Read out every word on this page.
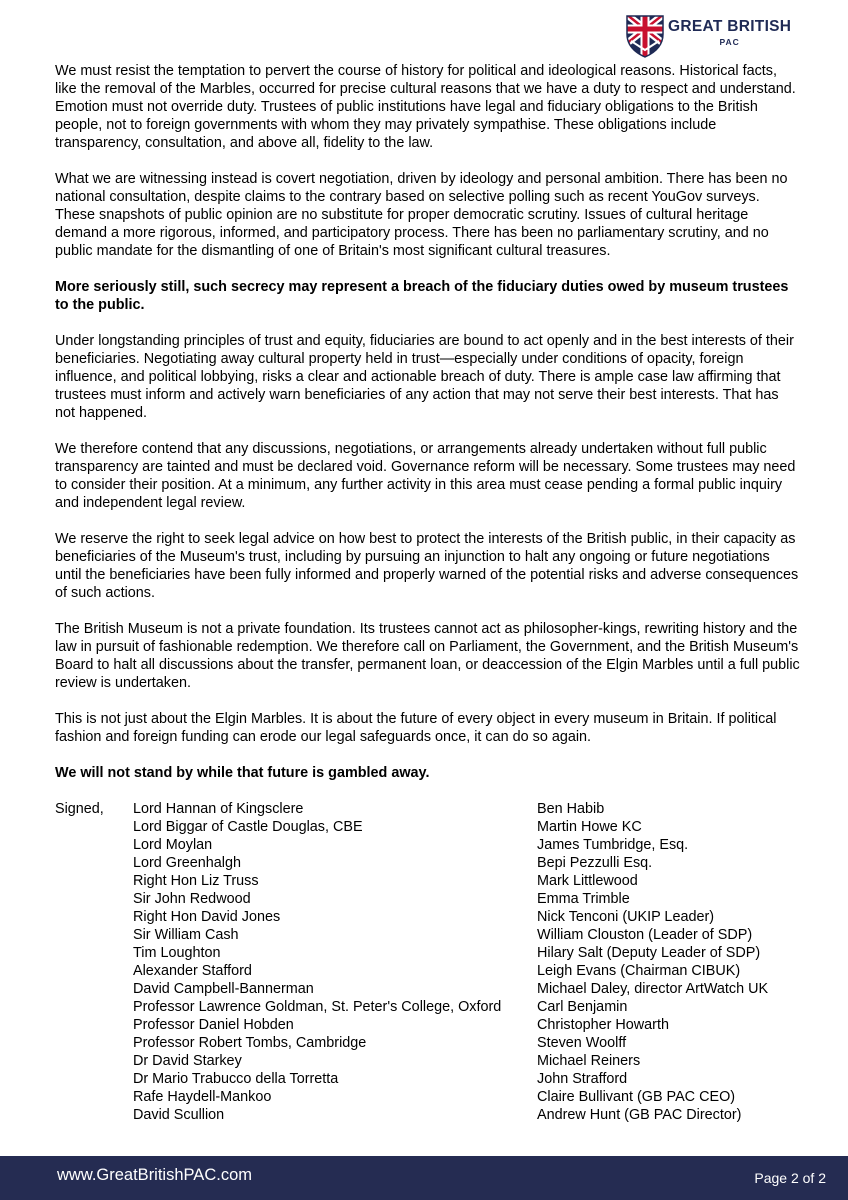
GREAT BRITISH
PAC

We must resist the temptation to pervert the course of history for political and ideological reasons. Historical facts, like the removal of the Marbles, occurred for precise cultural reasons that we have a duty to respect and understand. Emotion must not override duty. Trustees of public institutions have legal and fiduciary obligations to the British people, not to foreign governments with whom they may privately sympathise. These obligations include transparency, consultation, and above all, fidelity to the law.

What we are witnessing instead is covert negotiation, driven by ideology and personal ambition. There has been no national consultation, despite claims to the contrary based on selective polling such as recent YouGov surveys. These snapshots of public opinion are no substitute for proper democratic scrutiny. Issues of cultural heritage demand a more rigorous, informed, and participatory process. There has been no parliamentary scrutiny, and no public mandate for the dismantling of one of Britain's most significant cultural treasures.

More seriously still, such secrecy may represent a breach of the fiduciary duties owed by museum trustees to the public.

Under longstanding principles of trust and equity, fiduciaries are bound to act openly and in the best interests of their beneficiaries. Negotiating away cultural property held in trust—especially under conditions of opacity, foreign influence, and political lobbying, risks a clear and actionable breach of duty. There is ample case law affirming that trustees must inform and actively warn beneficiaries of any action that may not serve their best interests. That has not happened.

We therefore contend that any discussions, negotiations, or arrangements already undertaken without full public transparency are tainted and must be declared void. Governance reform will be necessary. Some trustees may need to consider their position. At a minimum, any further activity in this area must cease pending a formal public inquiry and independent legal review.

We reserve the right to seek legal advice on how best to protect the interests of the British public, in their capacity as beneficiaries of the Museum's trust, including by pursuing an injunction to halt any ongoing or future negotiations until the beneficiaries have been fully informed and properly warned of the potential risks and adverse consequences of such actions.

The British Museum is not a private foundation. Its trustees cannot act as philosopher-kings, rewriting history and the law in pursuit of fashionable redemption. We therefore call on Parliament, the Government, and the British Museum's Board to halt all discussions about the transfer, permanent loan, or deaccession of the Elgin Marbles until a full public review is undertaken.

This is not just about the Elgin Marbles. It is about the future of every object in every museum in Britain. If political fashion and foreign funding can erode our legal safeguards once, it can do so again.

We will not stand by while that future is gambled away.

Signed,	Lord Hannan of Kingsclere
Lord Biggar of Castle Douglas, CBE
Lord Moylan
Lord Greenhalgh
Right Hon Liz Truss
Sir John Redwood
Right Hon David Jones
Sir William Cash
Tim Loughton
Alexander Stafford
David Campbell-Bannerman
Professor Lawrence Goldman, St. Peter's College, Oxford
Professor Daniel Hobden
Professor Robert Tombs, Cambridge
Dr David Starkey
Dr Mario Trabucco della Torretta
Rafe Haydell-Mankoo
David Scullion
Ben Habib
Martin Howe KC
James Tumbridge, Esq.
Bepi Pezzulli Esq.
Mark Littlewood
Emma Trimble
Nick Tenconi (UKIP Leader)
William Clouston (Leader of SDP)
Hilary Salt (Deputy Leader of SDP)
Leigh Evans (Chairman CIBUK)
Michael Daley, director ArtWatch UK
Carl Benjamin
Christopher Howarth
Steven Woolff
Michael Reiners
John Strafford
Claire Bullivant (GB PAC CEO)
Andrew Hunt (GB PAC Director)
www.GreatBritishPAC.com	Page 2 of 2
